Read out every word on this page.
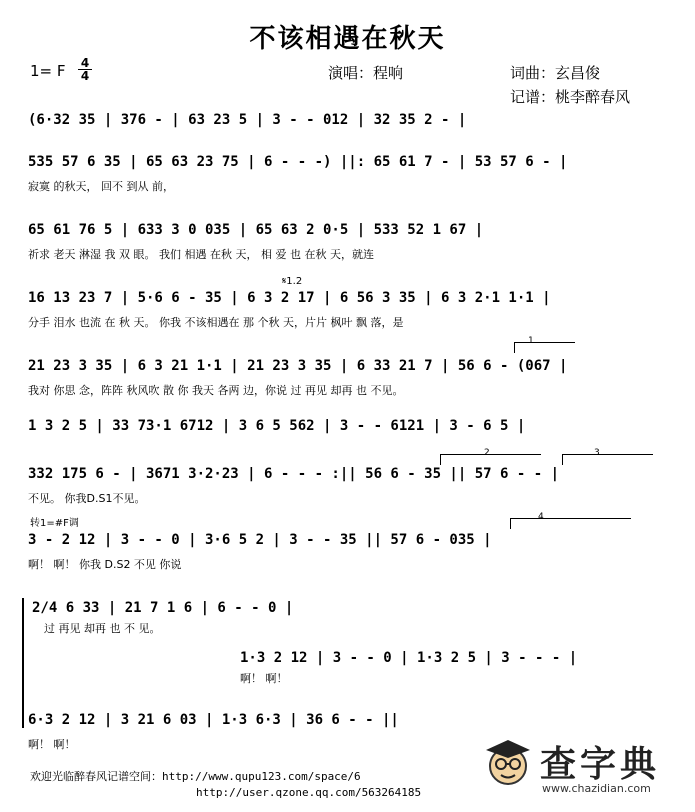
不该相遇在秋天
1= F 4
4	演唱：程响	词曲：玄昌俊
记谱：桃李醉春风
(6·32 35 | 376 - | 63 23 5 | 3 - - 012 | 32 35 2 - |
535 57 6 35 | 65 63 23 75 | 6 - - -) ||: 65 61 7 - | 53 57 6 - |
寂寞 的秋天， 回不 到从 前，
65 61 76 5 | 633 3 0 035 | 65 63 2 0·5 | 533 52 1 67 |
祈求 老天 淋湿 我 双 眼。 我们 相遇 在秋 天， 相 爱 也 在秋 天，就连
𝄋1.2
16 13 23 7 | 5·6 6 - 35 | 6 3 2 17 | 6 56 3 35 | 6 3 2·1 1·1 |
分手 泪水 也流 在 秋 天。 你我 不该相遇在 那 个秋 天，片片 枫叶 飘 落，是
1
21 23 3 35 | 6 3 21 1·1 | 21 23 3 35 | 6 33 21 7 | 56 6 - (067 |
我对 你思 念，阵阵 秋风吹 散 你 我天 各两 边，你说 过 再见 却再 也 不见。
1 3 2 5 | 33 73·1 6712 | 3 6 5 562 | 3 - - 6121 | 3 - 6 5 |
2	3
332 175 6 - | 3671 3·2·23 | 6 - - - :|| 56 6 - 35 || 57 6 - - |
不见。 你我D.S1不见。
转1=#F调
4
3 - 2 12 | 3 - - 0 | 3·6 5 2 | 3 - - 35 || 57 6 - 035 |
啊！ 啊！ 你我 D.S2 不见 你说
2/4 6 33 | 21 7 1 6 | 6 - - 0 |
过 再见 却再 也 不 见。
1·3 2 12 | 3 - - 0 | 1·3 2 5 | 3 - - - |
啊！ 啊！
6·3 2 12 | 3 21 6 03 | 1·3 6·3 | 36 6 - - ||
啊！ 啊！
欢迎光临醉春风记谱空间：http://www.qupu123.com/space/6
http://user.qzone.qq.com/563264185
查字典
www.chazidian.com
